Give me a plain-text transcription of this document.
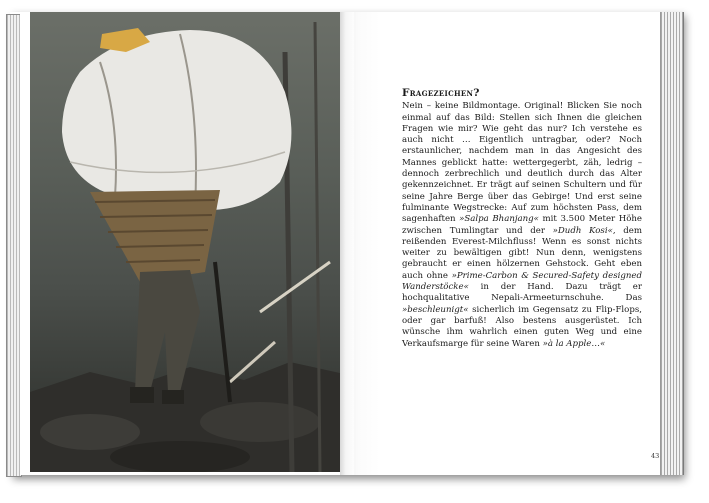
Fragezeichen?

Nein – keine Bildmontage. Original! Blicken Sie noch einmal auf das Bild: Stellen sich Ihnen die gleichen Fragen wie mir? Wie geht das nur? Ich verstehe es auch nicht … Eigentlich untragbar, oder? Noch erstaunlicher, nachdem man in das Angesicht des Mannes geblickt hatte: wettergegerbt, zäh, ledrig – dennoch zerbrechlich und deutlich durch das Alter gekennzeichnet. Er trägt auf seinen Schultern und für seine Jahre Berge über das Gebirge! Und erst seine fulminante Wegstrecke: Auf zum höchsten Pass, dem sagenhaften »Salpa Bhanjang« mit 3.500 Meter Höhe zwischen Tumlingtar und der »Dudh Kosi«, dem reißenden Everest-Milchfluss! Wenn es sonst nichts weiter zu bewältigen gibt! Nun denn, wenigstens gebraucht er einen hölzernen Gehstock. Geht eben auch ohne »Prime-Carbon & Secured-Safety designed Wanderstöcke« in der Hand. Dazu trägt er hochqualitative Nepali-Armeeturnschuhe. Das »beschleunigt« sicherlich im Gegensatz zu Flip-Flops, oder gar barfuß! Also bestens ausgerüstet. Ich wünsche ihm wahrlich einen guten Weg und eine Verkaufsmarge für seine Waren »à la Apple…«

43
